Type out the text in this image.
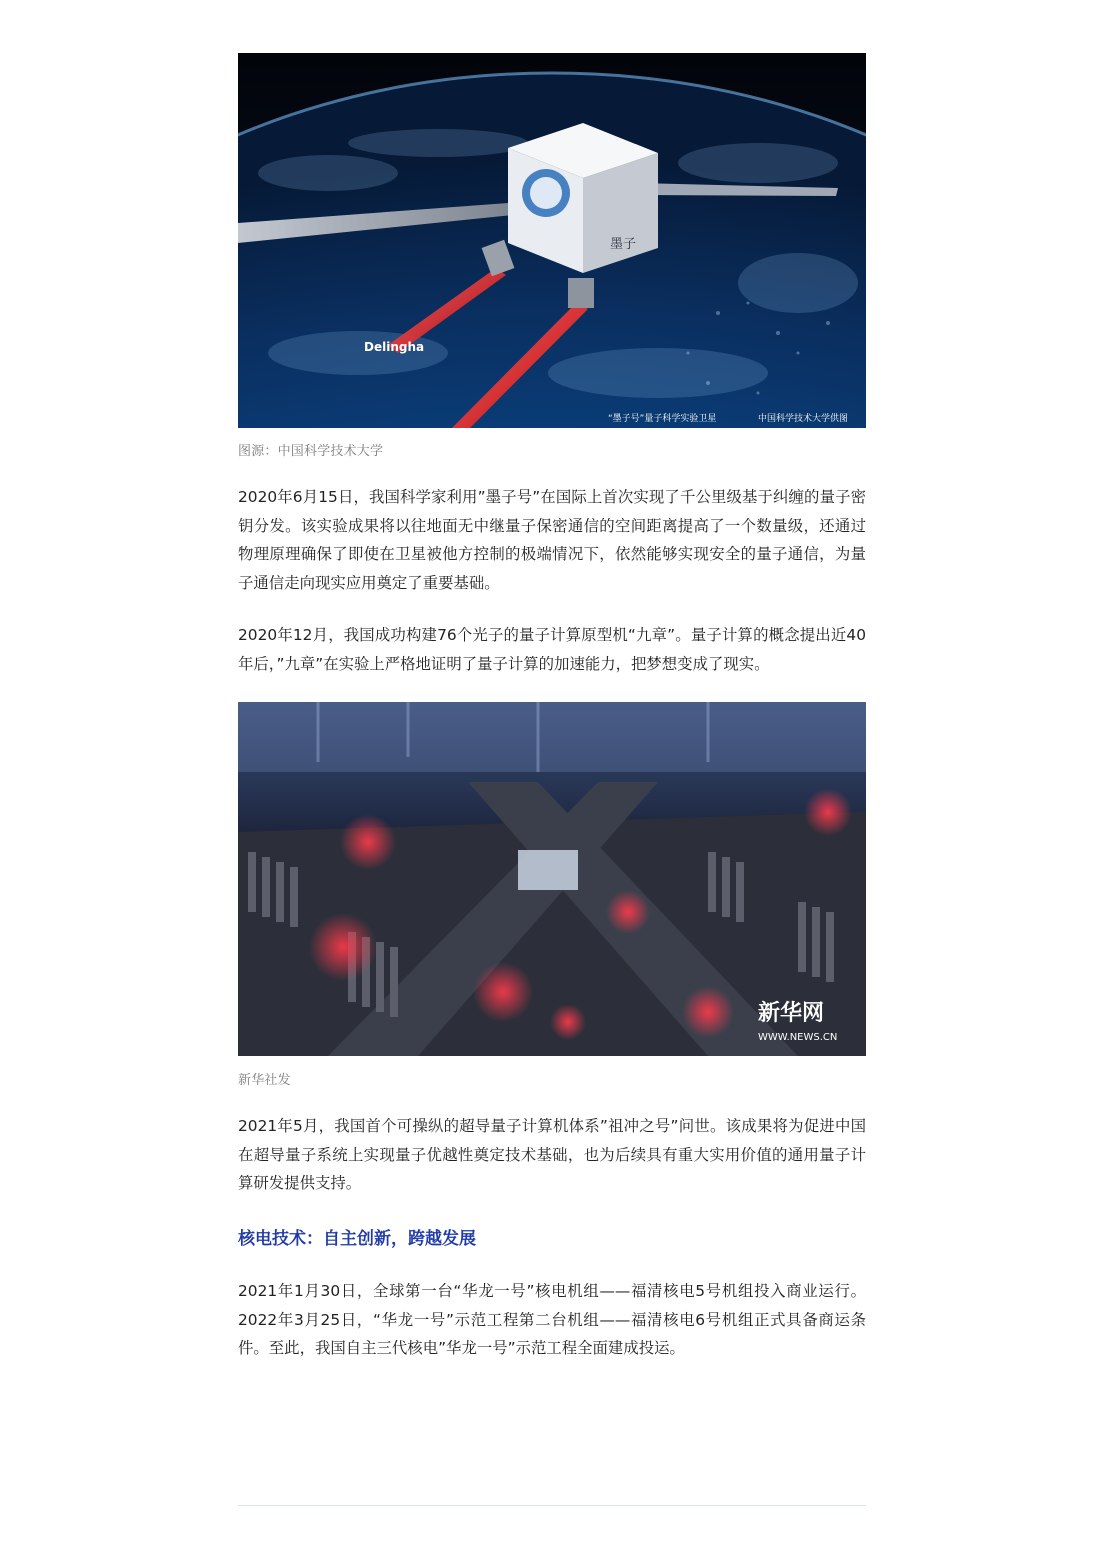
墨子
Delingha
“墨子号”量子科学实验卫星	中国科学技术大学供图
图源：中国科学技术大学

2020年6月15日，我国科学家利用”墨子号”在国际上首次实现了千公里级基于纠缠的量子密钥分发。该实验成果将以往地面无中继量子保密通信的空间距离提高了一个数量级，还通过物理原理确保了即使在卫星被他方控制的极端情况下，依然能够实现安全的量子通信，为量子通信走向现实应用奠定了重要基础。

2020年12月，我国成功构建76个光子的量子计算原型机“九章”。量子计算的概念提出近40年后，”九章”在实验上严格地证明了量子计算的加速能力，把梦想变成了现实。

新华网
WWW.NEWS.CN
新华社发

2021年5月，我国首个可操纵的超导量子计算机体系”祖冲之号”问世。该成果将为促进中国在超导量子系统上实现量子优越性奠定技术基础，也为后续具有重大实用价值的通用量子计算研发提供支持。

核电技术：自主创新，跨越发展

2021年1月30日，全球第一台“华龙一号”核电机组——福清核电5号机组投入商业运行。2022年3月25日，“华龙一号”示范工程第二台机组——福清核电6号机组正式具备商运条件。至此，我国自主三代核电”华龙一号”示范工程全面建成投运。
